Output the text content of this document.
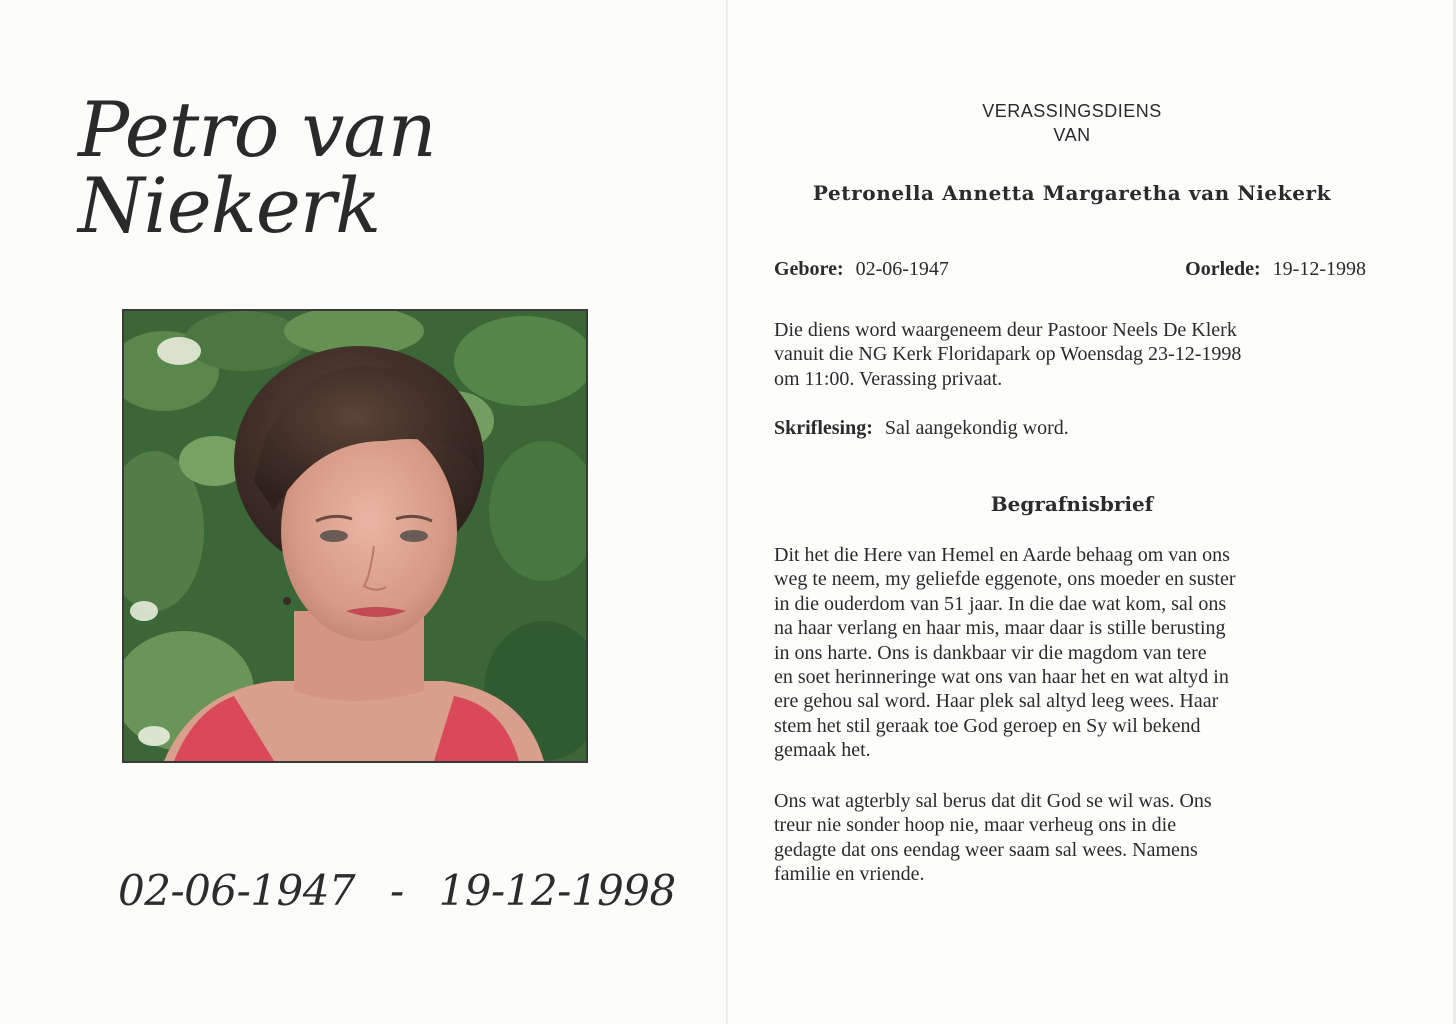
Petro van Niekerk
02-06-1947 - 19-12-1998
VERASSINGSDIENS
VAN
Petronella Annetta Margaretha van Niekerk
Gebore: 02-06-1947	Oorlede: 19-12-1998
Die diens word waargeneem deur Pastoor Neels De Klerk
vanuit die NG Kerk Floridapark op Woensdag 23-12-1998
om 11:00. Verassing privaat.
Skriflesing: Sal aangekondig word.
Begrafnisbrief
Dit het die Here van Hemel en Aarde behaag om van ons
weg te neem, my geliefde eggenote, ons moeder en suster
in die ouderdom van 51 jaar. In die dae wat kom, sal ons
na haar verlang en haar mis, maar daar is stille berusting
in ons harte. Ons is dankbaar vir die magdom van tere
en soet herinneringe wat ons van haar het en wat altyd in
ere gehou sal word. Haar plek sal altyd leeg wees. Haar
stem het stil geraak toe God geroep en Sy wil bekend
gemaak het.
Ons wat agterbly sal berus dat dit God se wil was. Ons
treur nie sonder hoop nie, maar verheug ons in die
gedagte dat ons eendag weer saam sal wees. Namens
familie en vriende.
